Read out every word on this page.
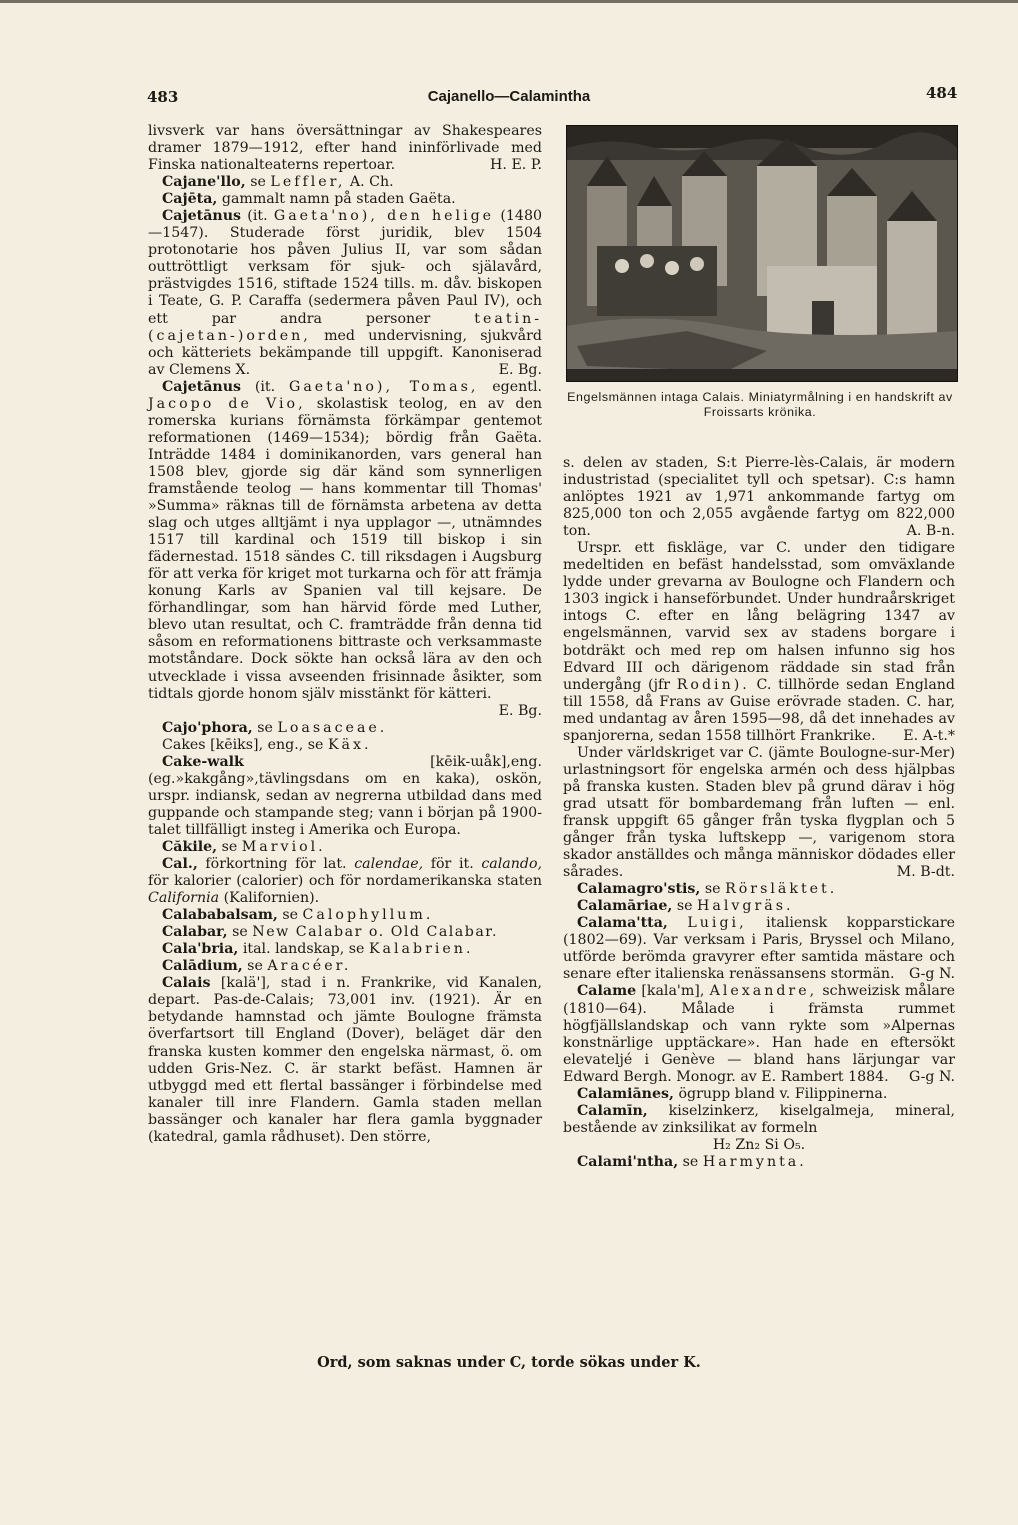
483	Cajanello—Calamintha	484

livsverk var hans översättningar av Shakespeares dramer 1879—1912, efter hand ininförlivade med Finska nationalteaterns repertoar.	H. E. P.

Cajane'llo, se Leffler, A. Ch.

Cajēta, gammalt namn på staden Gaëta.

Cajetānus (it. Gaeta'no), den helige (1480—1547). Studerade först juridik, blev 1504 protonotarie hos påven Julius II, var som sådan outtröttligt verksam för sjuk- och själavård, prästvigdes 1516, stiftade 1524 tills. m. dåv. biskopen i Teate, G. P. Caraffa (sedermera påven Paul IV), och ett par andra personer	teatin-(cajetan-)orden, med undervisning, sjukvård och kätteriets bekämpande till uppgift. Kanoniserad av Clemens X.	E. Bg.

Cajetānus (it. Gaeta'no), Tomas, egentl. Jacopo de Vio, skolastisk teolog, en av den romerska kurians förnämsta förkämpar gentemot reformationen (1469—1534); bördig från Gaëta. Inträdde 1484 i dominikanorden, vars general han 1508 blev, gjorde sig där känd som synnerligen framstående teolog — hans kommentar till Thomas' »Summa» räknas till de förnämsta arbetena av detta slag och utges alltjämt i nya upplagor —, utnämndes 1517 till kardinal och 1519 till biskop i sin fädernestad. 1518 sändes C. till riksdagen i Augsburg för att verka för kriget mot turkarna och för att främja konung Karls av Spanien val till kejsare. De förhandlingar, som han härvid förde med Luther, blevo utan resultat, och C. framträdde från denna tid såsom en reformationens bittraste och verksammaste motståndare. Dock sökte han också lära av den och utvecklade i vissa avseenden frisinnade åsikter, som tidtals gjorde honom själv misstänkt för kätteri.
E. Bg.

Cajo'phora, se Loasaceae.

Cakes [kēiks], eng., se Käx.

Cake-walk	[kēik-ɯåk],eng.(eg.»kakgång»,tävlingsdans om en kaka), oskön, urspr. indiansk, sedan av negrerna utbildad dans med guppande och stampande steg; vann i början på 1900-talet tillfälligt insteg i Amerika och Europa.

Căkile, se Marviol.

Cal., förkortning för lat. calendae, för it. calando, för kalorier (calorier) och för nordamerikanska staten California (Kalifornien).

Calababalsam, se Calophyllum.

Calabar, se New Calabar o. Old Calabar.

Cala'bria, ital. landskap, se Kalabrien.

Calādium, se Aracéer.

Calais [kalä'], stad i n. Frankrike, vid Kanalen, depart. Pas-de-Calais; 73,001 inv. (1921). Är en betydande hamnstad och jämte Boulogne främsta överfartsort till England (Dover), beläget där den franska kusten kommer den engelska närmast, ö. om udden Gris-Nez. C. är starkt befäst. Hamnen är utbyggd med ett flertal bassänger i förbindelse med kanaler till inre Flandern. Gamla staden mellan bassänger och kanaler har flera gamla byggnader (katedral, gamla rådhuset). Den större,

Engelsmännen intaga Calais. Miniatyrmålning i en handskrift av Froissarts krönika.

s. delen av staden, S:t Pierre-lès-Calais, är modern industristad (specialitet tyll och spetsar). C:s hamn anlöptes 1921 av 1,971 ankommande fartyg om 825,000 ton och 2,055 avgående fartyg om 822,000 ton.	A. B-n.

Urspr. ett fiskläge, var C. under den tidigare medeltiden en befäst handelsstad, som omväxlande lydde under grevarna av Boulogne och Flandern och 1303 ingick i hanseförbundet. Under hundraårskriget intogs C. efter en lång belägring 1347 av engelsmännen, varvid sex av stadens borgare i botdräkt och med rep om halsen infunno sig hos Edvard III och därigenom räddade sin stad från undergång (jfr Rodin). C. tillhörde sedan England till 1558, då Frans av Guise erövrade staden. C. har, med undantag av åren 1595—98, då det innehades av spanjorerna, sedan 1558 tillhört Frankrike.	E. A-t.*

Under världskriget var C. (jämte Boulogne-sur-Mer) urlastningsort för engelska armén och dess hjälpbas på franska kusten. Staden blev på grund därav i hög grad utsatt för bombardemang från luften — enl. fransk uppgift 65 gånger från tyska flygplan och 5 gånger från tyska luftskepp —, varigenom stora skador anställdes och många människor dödades eller sårades.	M. B-dt.

Calamagro'stis, se Rörsläktet.

Calamāriae, se Halvgräs.

Calama'tta, Luigi, italiensk kopparstickare (1802—69). Var verksam i Paris, Bryssel och Milano, utförde berömda gravyrer efter samtida mästare och senare efter italienska renässansens stormän.	G-g N.

Calame [kala'm], Alexandre, schweizisk målare (1810—64). Målade i främsta rummet högfjällslandskap och vann rykte som »Alpernas konstnärlige upptäckare». Han hade en eftersökt elevateljé i Genève — bland hans lärjungar var Edward Bergh. Monogr. av E. Rambert 1884.	G-g N.

Calamiānes, ögrupp bland v. Filippinerna.

Calamīn, kiselzinkerz, kiselgalmeja, mineral, bestående av zinksilikat av formeln

H₂ Zn₂ Si O₅.

Calami'ntha, se Harmynta.

Ord, som saknas under C, torde sökas under K.
